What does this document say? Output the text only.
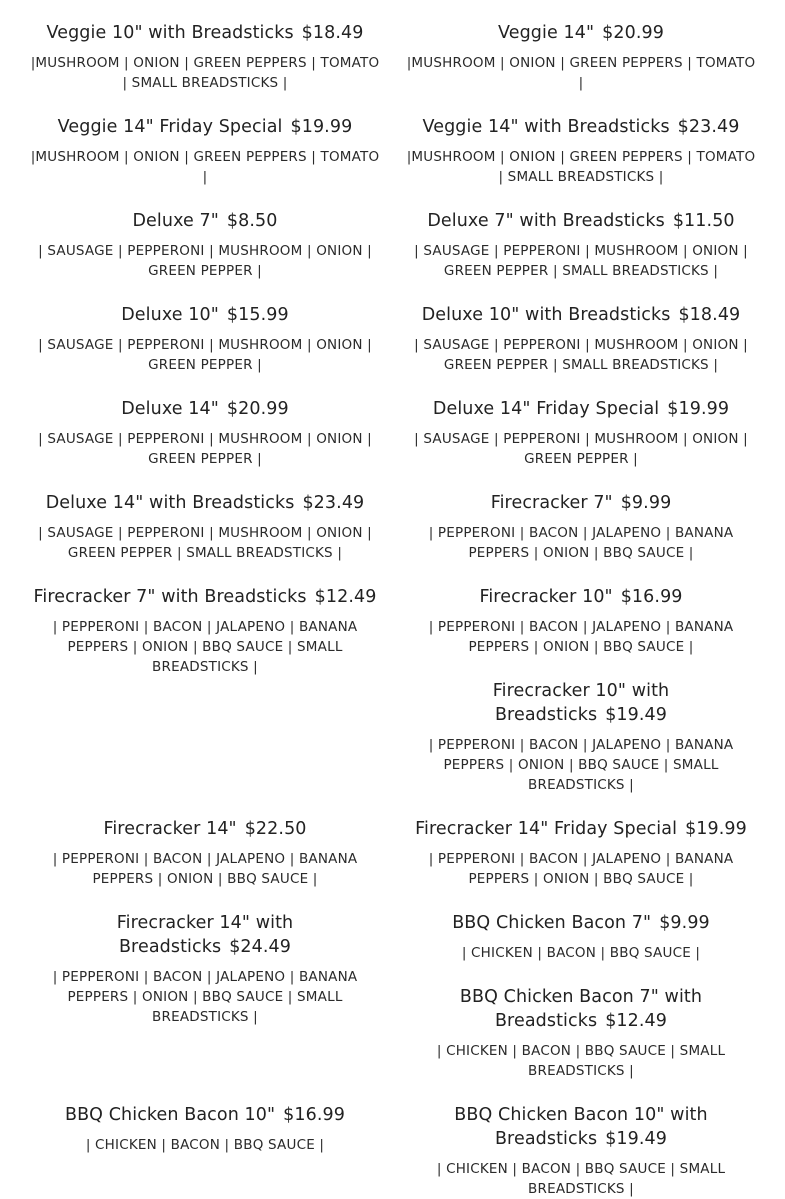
Veggie 10" with Breadsticks $18.49

|MUSHROOM | ONION | GREEN PEPPERS | TOMATO | SMALL BREADSTICKS |

Veggie 14" Friday Special $19.99

|MUSHROOM | ONION | GREEN PEPPERS | TOMATO |

Deluxe 7" $8.50

| SAUSAGE | PEPPERONI | MUSHROOM | ONION | GREEN PEPPER |

Deluxe 10" $15.99

| SAUSAGE | PEPPERONI | MUSHROOM | ONION | GREEN PEPPER |

Deluxe 14" $20.99

| SAUSAGE | PEPPERONI | MUSHROOM | ONION | GREEN PEPPER |

Deluxe 14" with Breadsticks $23.49

| SAUSAGE | PEPPERONI | MUSHROOM | ONION | GREEN PEPPER | SMALL BREADSTICKS |

Firecracker 7" with Breadsticks $12.49

| PEPPERONI | BACON | JALAPENO | BANANA PEPPERS | ONION | BBQ SAUCE | SMALL BREADSTICKS |

Firecracker 14" $22.50

| PEPPERONI | BACON | JALAPENO | BANANA PEPPERS | ONION | BBQ SAUCE |

Firecracker 14" with Breadsticks $24.49

| PEPPERONI | BACON | JALAPENO | BANANA PEPPERS | ONION | BBQ SAUCE | SMALL BREADSTICKS |

BBQ Chicken Bacon 10" $16.99

| CHICKEN | BACON | BBQ SAUCE |

Veggie 14" $20.99

|MUSHROOM | ONION | GREEN PEPPERS | TOMATO |

Veggie 14" with Breadsticks $23.49

|MUSHROOM | ONION | GREEN PEPPERS | TOMATO | SMALL BREADSTICKS |

Deluxe 7" with Breadsticks $11.50

| SAUSAGE | PEPPERONI | MUSHROOM | ONION | GREEN PEPPER | SMALL BREADSTICKS |

Deluxe 10" with Breadsticks $18.49

| SAUSAGE | PEPPERONI | MUSHROOM | ONION | GREEN PEPPER | SMALL BREADSTICKS |

Deluxe 14" Friday Special $19.99

| SAUSAGE | PEPPERONI | MUSHROOM | ONION | GREEN PEPPER |

Firecracker 7" $9.99

| PEPPERONI | BACON | JALAPENO | BANANA PEPPERS | ONION | BBQ SAUCE |

Firecracker 10" $16.99

| PEPPERONI | BACON | JALAPENO | BANANA PEPPERS | ONION | BBQ SAUCE |

Firecracker 10" with Breadsticks $19.49

| PEPPERONI | BACON | JALAPENO | BANANA PEPPERS | ONION | BBQ SAUCE | SMALL BREADSTICKS |

Firecracker 14" Friday Special $19.99

| PEPPERONI | BACON | JALAPENO | BANANA PEPPERS | ONION | BBQ SAUCE |

BBQ Chicken Bacon 7" $9.99

| CHICKEN | BACON | BBQ SAUCE |

BBQ Chicken Bacon 7" with Breadsticks $12.49

| CHICKEN | BACON | BBQ SAUCE | SMALL BREADSTICKS |

BBQ Chicken Bacon 10" with Breadsticks $19.49

| CHICKEN | BACON | BBQ SAUCE | SMALL BREADSTICKS |
